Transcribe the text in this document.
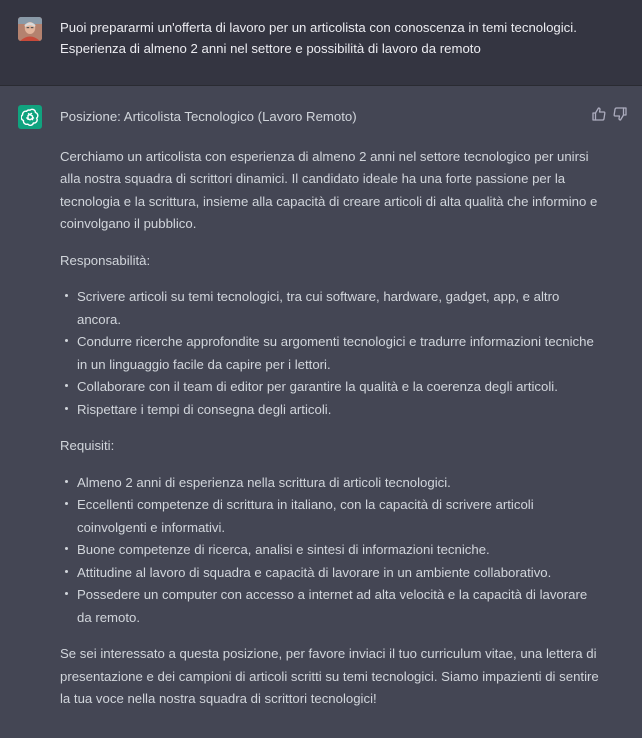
Puoi prepararmi un'offerta di lavoro per un articolista con conoscenza in temi tecnologici. Esperienza di almeno 2 anni nel settore e possibilità di lavoro da remoto

Posizione: Articolista Tecnologico (Lavoro Remoto)

Cerchiamo un articolista con esperienza di almeno 2 anni nel settore tecnologico per unirsi alla nostra squadra di scrittori dinamici. Il candidato ideale ha una forte passione per la tecnologia e la scrittura, insieme alla capacità di creare articoli di alta qualità che informino e coinvolgano il pubblico.

Responsabilità:

Scrivere articoli su temi tecnologici, tra cui software, hardware, gadget, app, e altro ancora.
Condurre ricerche approfondite su argomenti tecnologici e tradurre informazioni tecniche in un linguaggio facile da capire per i lettori.
Collaborare con il team di editor per garantire la qualità e la coerenza degli articoli.
Rispettare i tempi di consegna degli articoli.

Requisiti:

Almeno 2 anni di esperienza nella scrittura di articoli tecnologici.
Eccellenti competenze di scrittura in italiano, con la capacità di scrivere articoli coinvolgenti e informativi.
Buone competenze di ricerca, analisi e sintesi di informazioni tecniche.
Attitudine al lavoro di squadra e capacità di lavorare in un ambiente collaborativo.
Possedere un computer con accesso a internet ad alta velocità e la capacità di lavorare da remoto.

Se sei interessato a questa posizione, per favore inviaci il tuo curriculum vitae, una lettera di presentazione e dei campioni di articoli scritti su temi tecnologici. Siamo impazienti di sentire la tua voce nella nostra squadra di scrittori tecnologici!
